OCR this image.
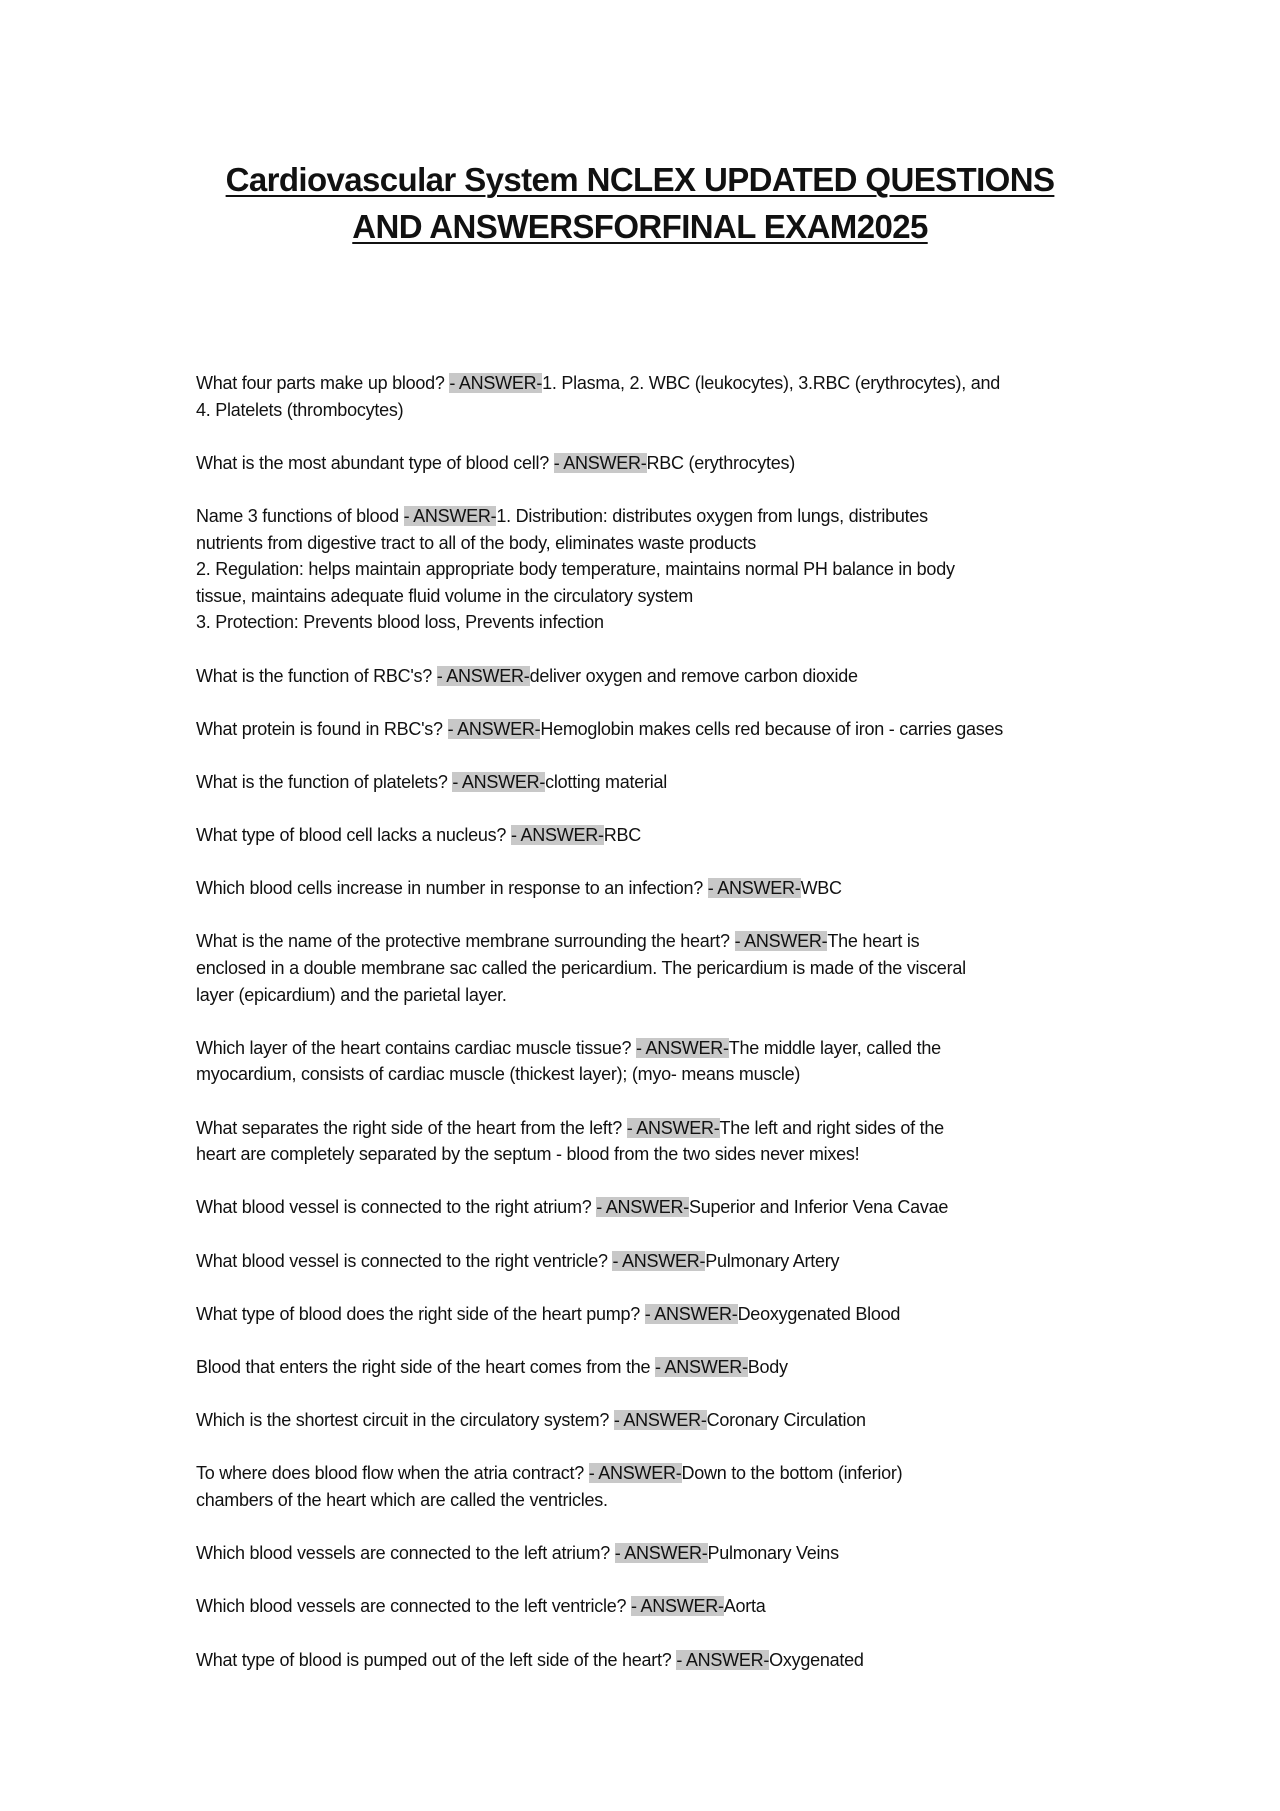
Cardiovascular System NCLEX UPDATED QUESTIONS
AND ANSWERSFORFINAL EXAM2025
What four parts make up blood? - ANSWER-1. Plasma, 2. WBC (leukocytes), 3.RBC (erythrocytes), and
4. Platelets (thrombocytes)
What is the most abundant type of blood cell? - ANSWER-RBC (erythrocytes)
Name 3 functions of blood - ANSWER-1. Distribution: distributes oxygen from lungs, distributes
nutrients from digestive tract to all of the body, eliminates waste products
2. Regulation: helps maintain appropriate body temperature, maintains normal PH balance in body
tissue, maintains adequate fluid volume in the circulatory system
3. Protection: Prevents blood loss, Prevents infection
What is the function of RBC's? - ANSWER-deliver oxygen and remove carbon dioxide
What protein is found in RBC's? - ANSWER-Hemoglobin makes cells red because of iron - carries gases
What is the function of platelets? - ANSWER-clotting material
What type of blood cell lacks a nucleus? - ANSWER-RBC
Which blood cells increase in number in response to an infection? - ANSWER-WBC
What is the name of the protective membrane surrounding the heart? - ANSWER-The heart is
enclosed in a double membrane sac called the pericardium. The pericardium is made of the visceral
layer (epicardium) and the parietal layer.
Which layer of the heart contains cardiac muscle tissue? - ANSWER-The middle layer, called the
myocardium, consists of cardiac muscle (thickest layer); (myo- means muscle)
What separates the right side of the heart from the left? - ANSWER-The left and right sides of the
heart are completely separated by the septum - blood from the two sides never mixes!
What blood vessel is connected to the right atrium? - ANSWER-Superior and Inferior Vena Cavae
What blood vessel is connected to the right ventricle? - ANSWER-Pulmonary Artery
What type of blood does the right side of the heart pump? - ANSWER-Deoxygenated Blood
Blood that enters the right side of the heart comes from the - ANSWER-Body
Which is the shortest circuit in the circulatory system? - ANSWER-Coronary Circulation
To where does blood flow when the atria contract? - ANSWER-Down to the bottom (inferior)
chambers of the heart which are called the ventricles.
Which blood vessels are connected to the left atrium? - ANSWER-Pulmonary Veins
Which blood vessels are connected to the left ventricle? - ANSWER-Aorta
What type of blood is pumped out of the left side of the heart? - ANSWER-Oxygenated
